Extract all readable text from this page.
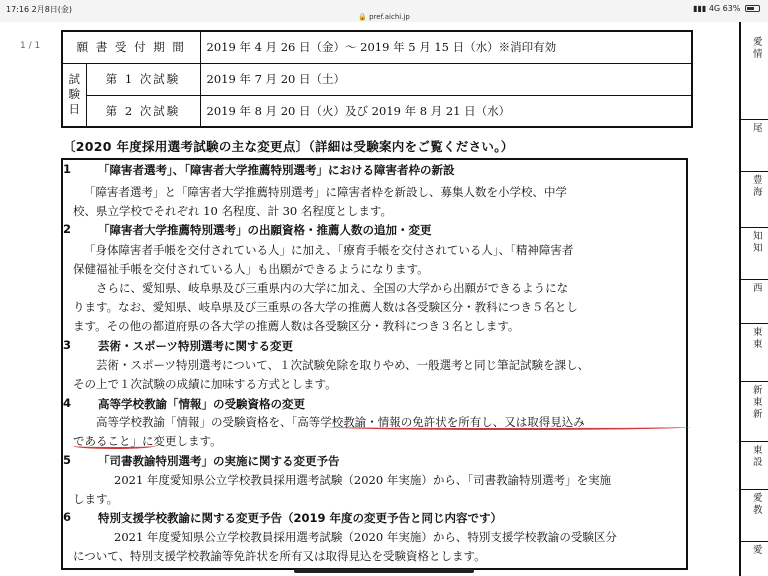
17:16 2月8日(金)
🔒 pref.aichi.jp
▮▮▮ 4G 63%
1 / 1	願 書 受 付 期 間		2019 年 4 月 26 日（金）～ 2019 年 5 月 15 日（水）※消印有効

試
験
日	第 1 次試験	2019 年 7 月 20 日（土）
	第 2 次試験	2019 年 8 月 20 日（火）及び 2019 年 8 月 21 日（水）
〔2020 年度採用選考試験の主な変更点〕（詳細は受験案内をご覧ください。）
1 「障害者選考」、「障害者大学推薦特別選考」における障害者枠の新設
「障害者選考」と「障害者大学推薦特別選考」に障害者枠を新設し、募集人数を小学校、中学
校、県立学校でそれぞれ 10 名程度、計 30 名程度とします。
2 「障害者大学推薦特別選考」の出願資格・推薦人数の追加・変更
「身体障害者手帳を交付されている人」に加え、「療育手帳を交付されている人」、「精神障害者
保健福祉手帳を交付されている人」も出願ができるようになります。
さらに、愛知県、岐阜県及び三重県内の大学に加え、全国の大学から出願ができるようにな
ります。なお、愛知県、岐阜県及び三重県の各大学の推薦人数は各受験区分・教科につき５名とし
ます。その他の都道府県の各大学の推薦人数は各受験区分・教科につき３名とします。
3 芸術・スポーツ特別選考に関する変更
芸術・スポーツ特別選考について、１次試験免除を取りやめ、一般選考と同じ筆記試験を課し、
その上で１次試験の成績に加味する方式とします。
4 高等学校教諭「情報」の受験資格の変更
高等学校教諭「情報」の受験資格を、「高等学校教諭・情報の免許状を所有し、又は取得見込み
であること」に変更します。
5 「司書教諭特別選考」の実施に関する変更予告
2021 年度愛知県公立学校教員採用選考試験（2020 年実施）から、「司書教諭特別選考」を実施
します。
6 特別支援学校教諭に関する変更予告（2019 年度の変更予告と同じ内容です）
2021 年度愛知県公立学校教員採用選考試験（2020 年実施）から、特別支援学校教諭の受験区分
について、特別支援学校教諭等免許状を所有又は取得見込を受験資格とします。
愛
情
尾
豊
海
知
知
西
東
東
新
東
新
東
設
愛
教
愛
